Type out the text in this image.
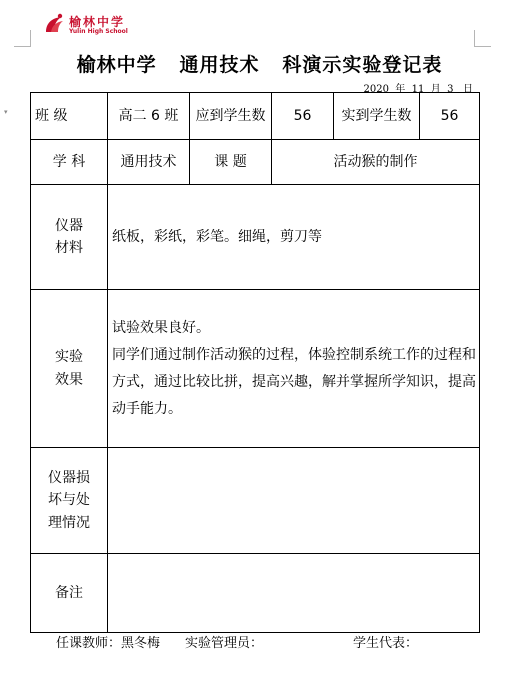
▾
榆林中学
Yulin High School
榆林中学   通用技术   科演示实验登记表
2020  年  11  月  3   日
班 级	高二 6 班	应到学生数	56	实到学生数	56
学 科	通用技术	课 题	活动猴的制作		

仪器
材料	纸板，彩纸，彩笔。细绳，剪刀等				

实验
效果	试验效果良好。
同学们通过制作活动猴的过程，体验控制系统工作的过程和方式，通过比较比拼，提高兴趣，解并掌握所学知识，提高动手能力。				

仪器损
坏与处
理情况					

备注					
任课教师：黑冬梅 实验管理员：	学生代表：
